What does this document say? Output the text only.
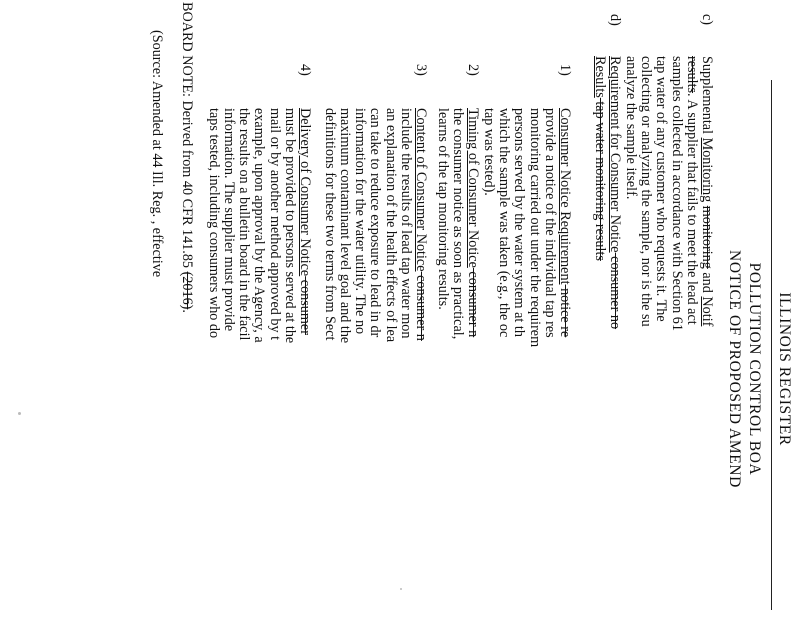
ILLINOIS REGISTER
POLLUTION CONTROL BOA
NOTICE OF PROPOSED AMEND
c)
Supplemental Monitoring monitoring and Notif
results. A supplier that fails to meet the lead act
samples collected in accordance with Section 61
tap water of any customer who requests it. The
collecting or analyzing the sample, nor is the su
analyze the sample itself.
d)
Requirement for Consumer Notice consumer no
Results tap water monitoring results
1)
Consumer Notice Requirement notice re
provide a notice of the individual tap res
monitoring carried out under the requirem
persons served by the water system at th
which the sample was taken (e.g., the oc
tap was tested).
2)
Timing of Consumer Notice consumer n
the consumer notice as soon as practical,
learns of the tap monitoring results.
3)
Content of Consumer Notice consumer n
include the results of lead tap water mon
an explanation of the health effects of lea
can take to reduce exposure to lead in dr
information for the water utility. The no
maximum contaminant level goal and the
definitions for these two terms from Sect
4)
Delivery of Consumer Notice consumer
must be provided to persons served at the
mail or by another method approved by t
example, upon approval by the Agency, a
the results on a bulletin board in the facil
information. The supplier must provide
taps tested, including consumers who do
BOARD NOTE: Derived from 40 CFR 141.85 (2016).
(Source: Amended at 44 Ill. Reg. , effective
